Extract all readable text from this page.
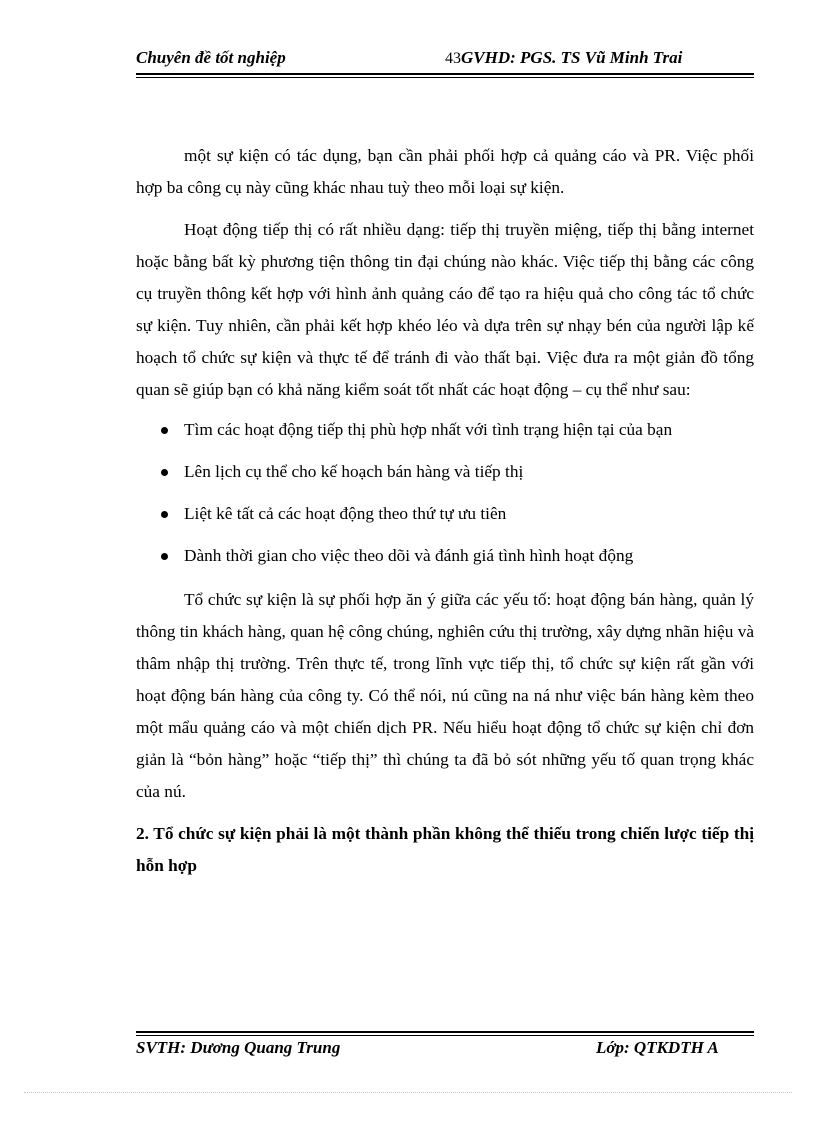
Chuyên đề tốt nghiệp	43GVHD: PGS. TS Vũ Minh Trai

một sự kiện có tác dụng, bạn cần phải phối hợp cả quảng cáo và PR. Việc phối hợp ba công cụ này cũng khác nhau tuỳ theo mỗi loại sự kiện.

Hoạt động tiếp thị có rất nhiều dạng: tiếp thị truyền miệng, tiếp thị bằng internet hoặc bằng bất kỳ phương tiện thông tin đại chúng nào khác. Việc tiếp thị bằng các công cụ truyền thông kết hợp với hình ảnh quảng cáo để tạo ra hiệu quả cho công tác tổ chức sự kiện. Tuy nhiên, cần phải kết hợp khéo léo và dựa trên sự nhạy bén của người lập kế hoạch tổ chức sự kiện và thực tế để tránh đi vào thất bại. Việc đưa ra một giản đồ tổng quan sẽ giúp bạn có khả năng kiểm soát tốt nhất các hoạt động – cụ thể như sau:

Tìm các hoạt động tiếp thị phù hợp nhất với tình trạng hiện tại của bạn
Lên lịch cụ thể cho kế hoạch bán hàng và tiếp thị
Liệt kê tất cả các hoạt động theo thứ tự ưu tiên
Dành thời gian cho việc theo dõi và đánh giá tình hình hoạt động

Tổ chức sự kiện là sự phối hợp ăn ý giữa các yếu tố: hoạt động bán hàng, quản lý thông tin khách hàng, quan hệ công chúng, nghiên cứu thị trường, xây dựng nhãn hiệu và thâm nhập thị trường. Trên thực tế, trong lĩnh vực tiếp thị, tổ chức sự kiện rất gần với hoạt động bán hàng của công ty. Có thể nói, nú cũng na ná như việc bán hàng kèm theo một mẩu quảng cáo và một chiến dịch PR. Nếu hiểu hoạt động tổ chức sự kiện chỉ đơn giản là “bỏn hàng” hoặc “tiếp thị” thì chúng ta đã bỏ sót những yếu tố quan trọng khác của nú.

2. Tổ chức sự kiện phải là một thành phần không thể thiếu trong chiến lược tiếp thị hỗn hợp

SVTH: Dương Quang Trung	Lớp: QTKDTH A
